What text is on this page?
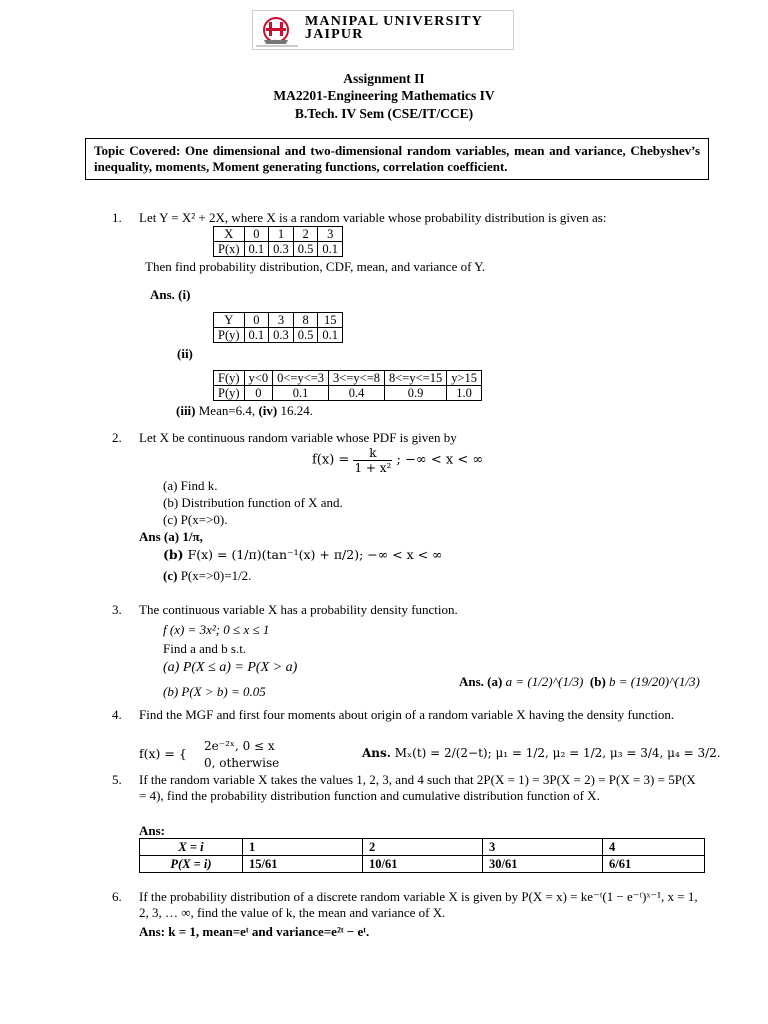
MANIPAL UNIVERSITY
JAIPUR
Assignment II
MA2201-Engineering Mathematics IV
B.Tech. IV Sem (CSE/IT/CCE)
Topic Covered: One dimensional and two-dimensional random variables, mean and variance, Chebyshev’s inequality, moments, Moment generating functions, correlation coefficient.
1. Let Y = X² + 2X, where X is a random variable whose probability distribution is given as:
X	0	1	2	3
P(x)	0.1	0.3	0.5	0.1
Then find probability distribution, CDF, mean, and variance of Y.
Ans. (i)
Y	0	3	8	15
P(y)	0.1	0.3	0.5	0.1
(ii)
F(y)	y<0	0<=y<=3	3<=y<=8	8<=y<=15	y>15
P(y)	0	0.1	0.4	0.9	1.0
(iii) Mean=6.4, (iv) 16.24.
2. Let X be continuous random variable whose PDF is given by
$f(x) = \frac{k}{\text{1 + x²}}$ ; −∞ < x < ∞
(a) Find k.
(b) Distribution function of X and.
(c) P(x=>0).
Ans (a) 1/π,
(b) F(x) = (1/π)(tan⁻¹(x) + π/2); −∞ < x < ∞
(c) P(x=>0)=1/2.
3. The continuous variable X has a probability density function.
f (x) = 3x²; 0 ≤ x ≤ 1
Find a and b s.t.
(a) P(X ≤ a) = P(X > a)
(b) P(X > b) = 0.05
Ans. (a) a = (1/2)^(1/3) (b) b = (19/20)^(1/3)
4. Find the MGF and first four moments about origin of a random variable X having the density function.
f(x) = { 2e⁻²ˣ, 0 ≤ x
0, otherwise
Ans. Mₓ(t) = 2/(2−t); μ₁ = 1/2, μ₂ = 1/2, μ₃ = 3/4, μ₄ = 3/2.
5. If the random variable X takes the values 1, 2, 3, and 4 such that 2P(X = 1) = 3P(X = 2) = P(X = 3) = 5P(X = 4), find the probability distribution function and cumulative distribution function of X.
Ans:
X = i	1	2	3	4
P(X = i)	15/61	10/61	30/61	6/61
6. If the probability distribution of a discrete random variable X is given by P(X = x) = ke⁻ᵗ(1 − e⁻ᵗ)ˣ⁻¹, x = 1, 2, 3, … ∞, find the value of k, the mean and variance of X.
Ans: k = 1, mean=eᵗ and variance=e²ᵗ − eᵗ.
